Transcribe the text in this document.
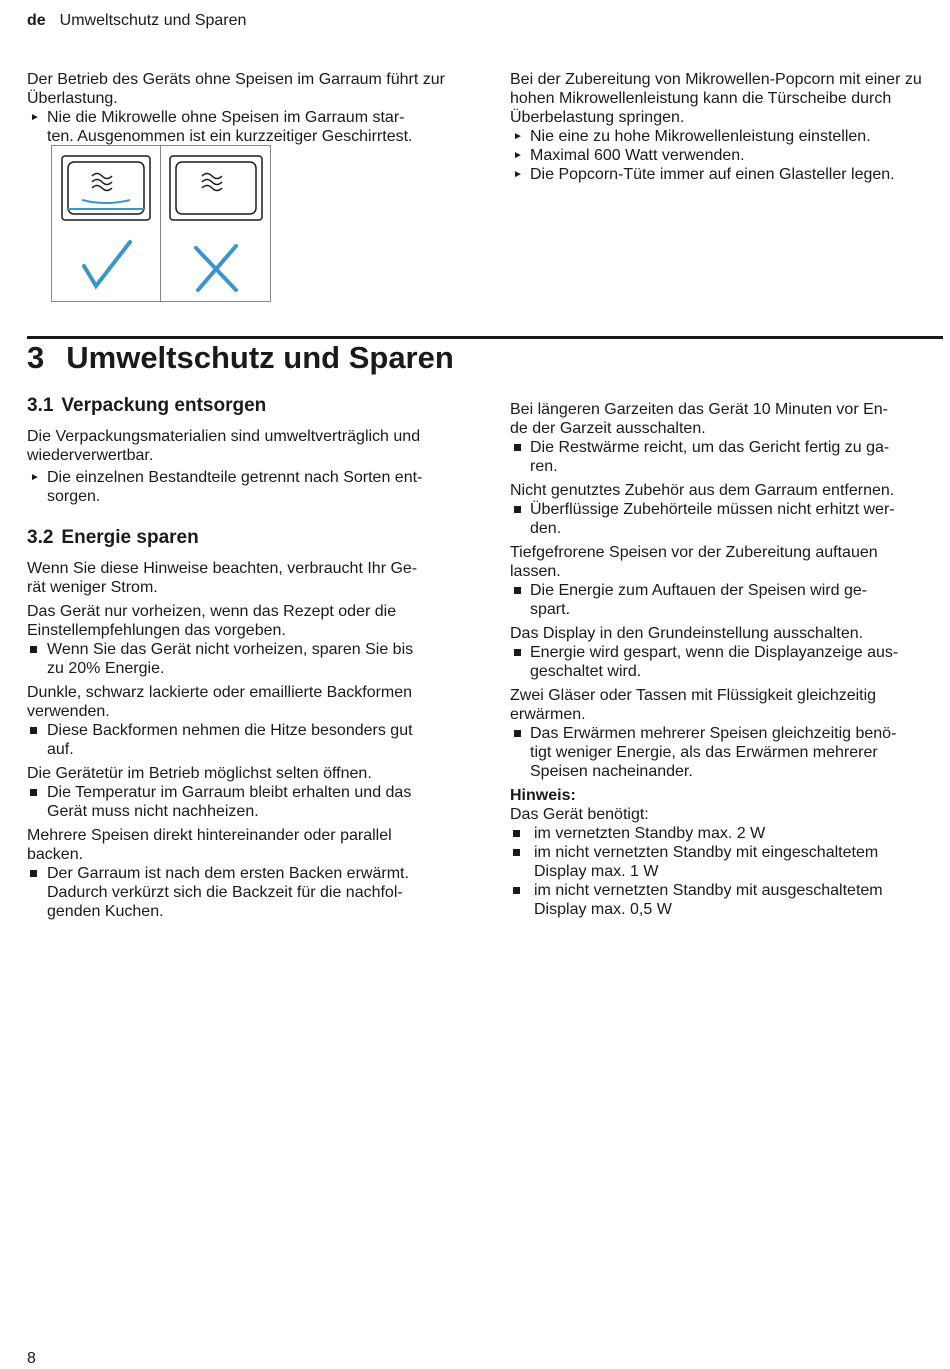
de Umweltschutz und Sparen

Der Betrieb des Geräts ohne Speisen im Garraum führt zur Überlastung.

► Nie die Mikrowelle ohne Speisen im Garraum star-
ten. Ausgenommen ist ein kurzzeitiger Geschirrtest.

Bei der Zubereitung von Mikrowellen-Popcorn mit einer zu hohen Mikrowellenleistung kann die Türscheibe durch Überbelastung springen.

► Nie eine zu hohe Mikrowellenleistung einstellen.
► Maximal 600 Watt verwenden.
► Die Popcorn-Tüte immer auf einen Glasteller legen.
3 Umweltschutz und Sparen
3.1 Verpackung entsorgen

Die Verpackungsmaterialien sind umweltverträglich und wiederverwertbar.

► Die einzelnen Bestandteile getrennt nach Sorten ent-
sorgen.
3.2 Energie sparen

Wenn Sie diese Hinweise beachten, verbraucht Ihr Ge-
rät weniger Strom.

Das Gerät nur vorheizen, wenn das Rezept oder die Einstellempfehlungen das vorgeben.

Wenn Sie das Gerät nicht vorheizen, sparen Sie bis
zu 20% Energie.

Dunkle, schwarz lackierte oder emaillierte Backformen verwenden.

Diese Backformen nehmen die Hitze besonders gut
auf.

Die Gerätetür im Betrieb möglichst selten öffnen.

Die Temperatur im Garraum bleibt erhalten und das
Gerät muss nicht nachheizen.

Mehrere Speisen direkt hintereinander oder parallel
backen.

Der Garraum ist nach dem ersten Backen erwärmt.
Dadurch verkürzt sich die Backzeit für die nachfol-
genden Kuchen.

Bei längeren Garzeiten das Gerät 10 Minuten vor En-
de der Garzeit ausschalten.

Die Restwärme reicht, um das Gericht fertig zu ga-
ren.

Nicht genutztes Zubehör aus dem Garraum entfernen.

Überflüssige Zubehörteile müssen nicht erhitzt wer-
den.

Tiefgefrorene Speisen vor der Zubereitung auftauen
lassen.

Die Energie zum Auftauen der Speisen wird ge-
spart.

Das Display in den Grundeinstellung ausschalten.

Energie wird gespart, wenn die Displayanzeige aus-
geschaltet wird.

Zwei Gläser oder Tassen mit Flüssigkeit gleichzeitig
erwärmen.

Das Erwärmen mehrerer Speisen gleichzeitig benö-
tigt weniger Energie, als das Erwärmen mehrerer
Speisen nacheinander.
Hinweis:
Das Gerät benötigt:
im vernetzten Standby max. 2 W
im nicht vernetzten Standby mit eingeschaltetem
Display max. 1 W
im nicht vernetzten Standby mit ausgeschaltetem
Display max. 0,5 W
8
